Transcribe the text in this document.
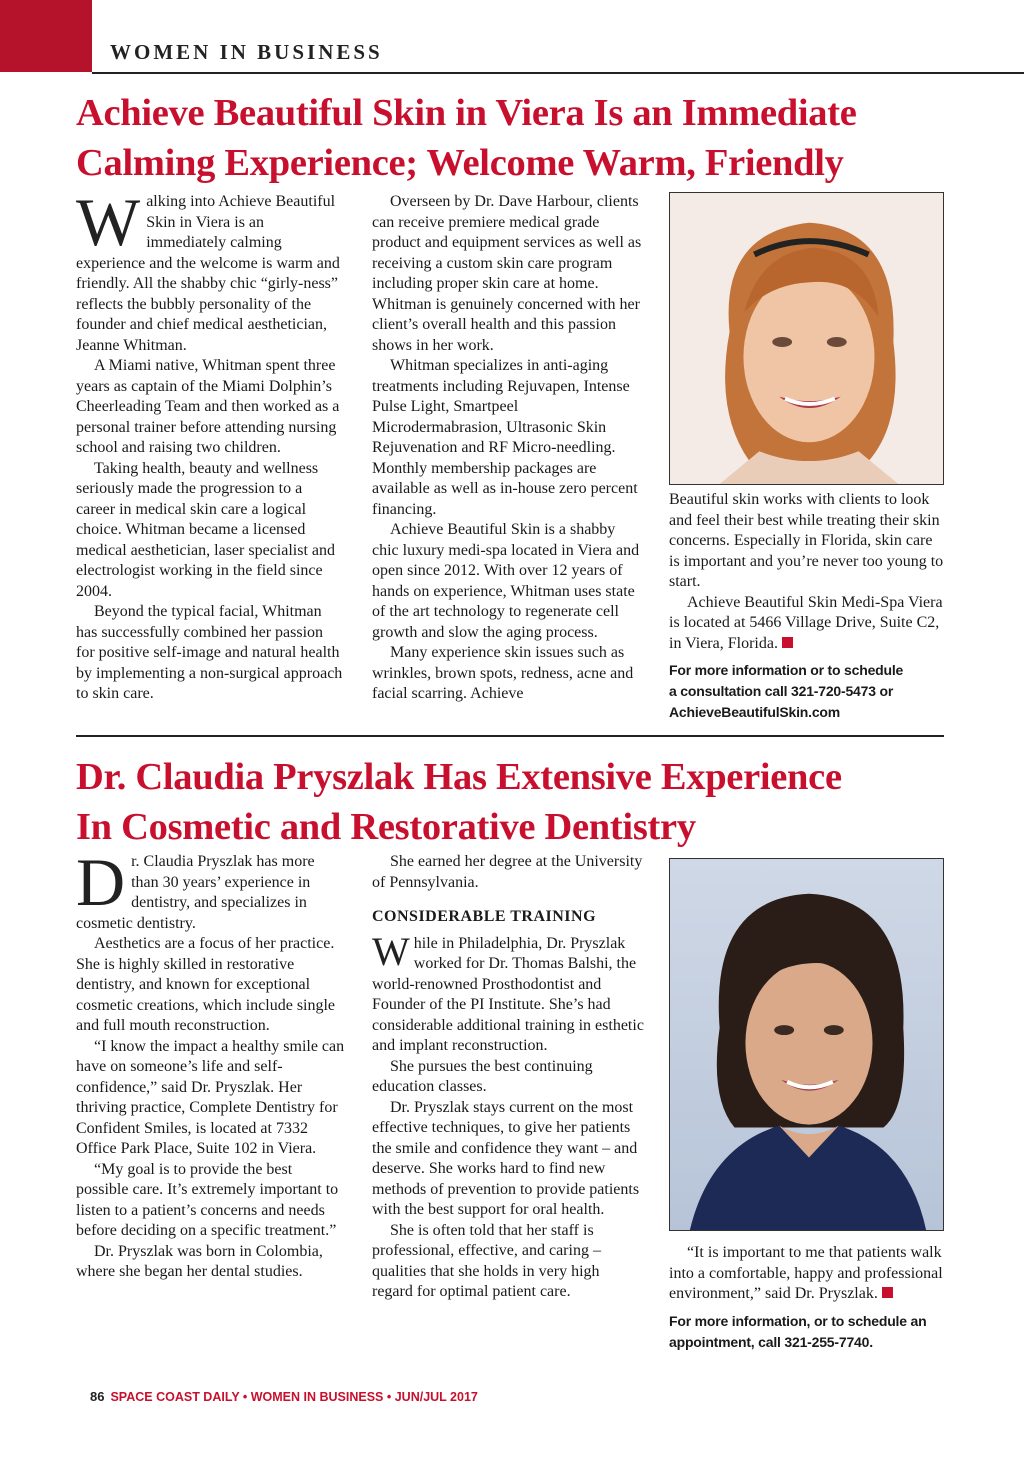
WOMEN IN BUSINESS
Achieve Beautiful Skin in Viera Is an Immediate
Calming Experience; Welcome Warm, Friendly

Walking into Achieve Beautiful Skin in Viera is an immediately calming experience and the welcome is warm and friendly. All the shabby chic “girly-ness” reflects the bubbly personality of the founder and chief medical aesthetician, Jeanne Whitman.

A Miami native, Whitman spent three years as captain of the Miami Dolphin’s Cheerleading Team and then worked as a personal trainer before attending nursing school and raising two children.

Taking health, beauty and wellness seriously made the progression to a career in medical skin care a logical choice. Whitman became a licensed medical aesthetician, laser specialist and electrologist working in the field since 2004.

Beyond the typical facial, Whitman has successfully combined her passion for positive self-image and natural health by implementing a non-surgical approach to skin care.

Overseen by Dr. Dave Harbour, clients can receive premiere medical grade product and equipment services as well as receiving a custom skin care program including proper skin care at home. Whitman is genuinely concerned with her client’s overall health and this passion shows in her work.

Whitman specializes in anti-aging treatments including Rejuvapen, Intense Pulse Light, Smartpeel Microdermabrasion, Ultrasonic Skin Rejuvenation and RF Micro-needling. Monthly membership packages are available as well as in-house zero percent financing.

Achieve Beautiful Skin is a shabby chic luxury medi-spa located in Viera and open since 2012. With over 12 years of hands on experience, Whitman uses state of the art technology to regenerate cell growth and slow the aging process.

Many experience skin issues such as wrinkles, brown spots, redness, acne and facial scarring. Achieve

Beautiful skin works with clients to look and feel their best while treating their skin concerns. Especially in Florida, skin care is important and you’re never too young to start.

Achieve Beautiful Skin Medi-Spa Viera is located at 5466 Village Drive, Suite C2, in Viera, Florida.

For more information or to schedule
a consultation call 321-720-5473 or
AchieveBeautifulSkin.com
Dr. Claudia Pryszlak Has Extensive Experience
In Cosmetic and Restorative Dentistry

Dr. Claudia Pryszlak has more than 30 years’ experience in dentistry, and specializes in cosmetic dentistry.

Aesthetics are a focus of her practice. She is highly skilled in restorative dentistry, and known for exceptional cosmetic creations, which include single and full mouth reconstruction.

“I know the impact a healthy smile can have on someone’s life and self-confidence,” said Dr. Pryszlak. Her thriving practice, Complete Dentistry for Confident Smiles, is located at 7332 Office Park Place, Suite 102 in Viera.

“My goal is to provide the best possible care. It’s extremely important to listen to a patient’s concerns and needs before deciding on a specific treatment.”

Dr. Pryszlak was born in Colombia, where she began her dental studies.

She earned her degree at the University of Pennsylvania.

CONSIDERABLE TRAINING

While in Philadelphia, Dr. Pryszlak worked for Dr. Thomas Balshi, the world-renowned Prosthodontist and Founder of the PI Institute. She’s had considerable additional training in esthetic and implant reconstruction.

She pursues the best continuing education classes.

Dr. Pryszlak stays current on the most effective techniques, to give her patients the smile and confidence they want – and deserve. She works hard to find new methods of prevention to provide patients with the best support for oral health.

She is often told that her staff is professional, effective, and caring – qualities that she holds in very high regard for optimal patient care.

“It is important to me that patients walk into a comfortable, happy and professional environment,” said Dr. Pryszlak.

For more information, or to schedule an
appointment, call 321-255-7740.
86 SPACE COAST DAILY • WOMEN IN BUSINESS • JUN/JUL 2017
